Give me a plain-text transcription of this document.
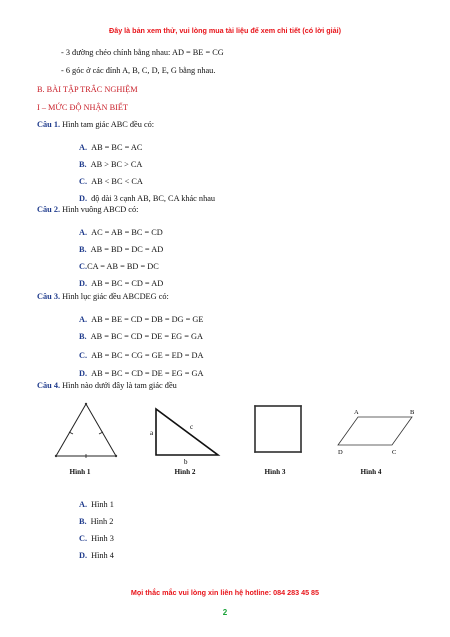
Đây là bản xem thử, vui lòng mua tài liệu để xem chi tiết (có lời giải)
- 3 đường chéo chính bằng nhau: AD = BE = CG
- 6 góc ở các đỉnh A, B, C, D, E, G bằng nhau.
B. BÀI TẬP TRẮC NGHIỆM
I – MỨC ĐỘ NHẬN BIẾT
Câu 1. Hình tam giác ABC đều có:
A. AB = BC = AC
B. AB > BC > CA
C. AB < BC < CA
D. độ dài 3 cạnh AB, BC, CA khác nhau
Câu 2. Hình vuông ABCD có:
A. AC = AB = BC = CD
B. AB = BD = DC = AD
C.CA = AB = BD = DC
D. AB = BC = CD = AD
Câu 3. Hình lục giác đều ABCDEG có:
A. AB = BE = CD = DB = DG = GE
B. AB = BC = CD = DE = EG = GA
C. AB = BC = CG = GE = ED = DA
D. AB = BC = CD = DE = EG = GA
Câu 4. Hình nào dưới đây là tam giác đều
a
c
b
A	B
D	C
Hình 1	Hình 2	Hình 3	Hình 4
A. Hình 1
B. Hình 2
C. Hình 3
D. Hình 4
Mọi thắc mắc vui lòng xin liên hệ hotline: 084 283 45 85
2
